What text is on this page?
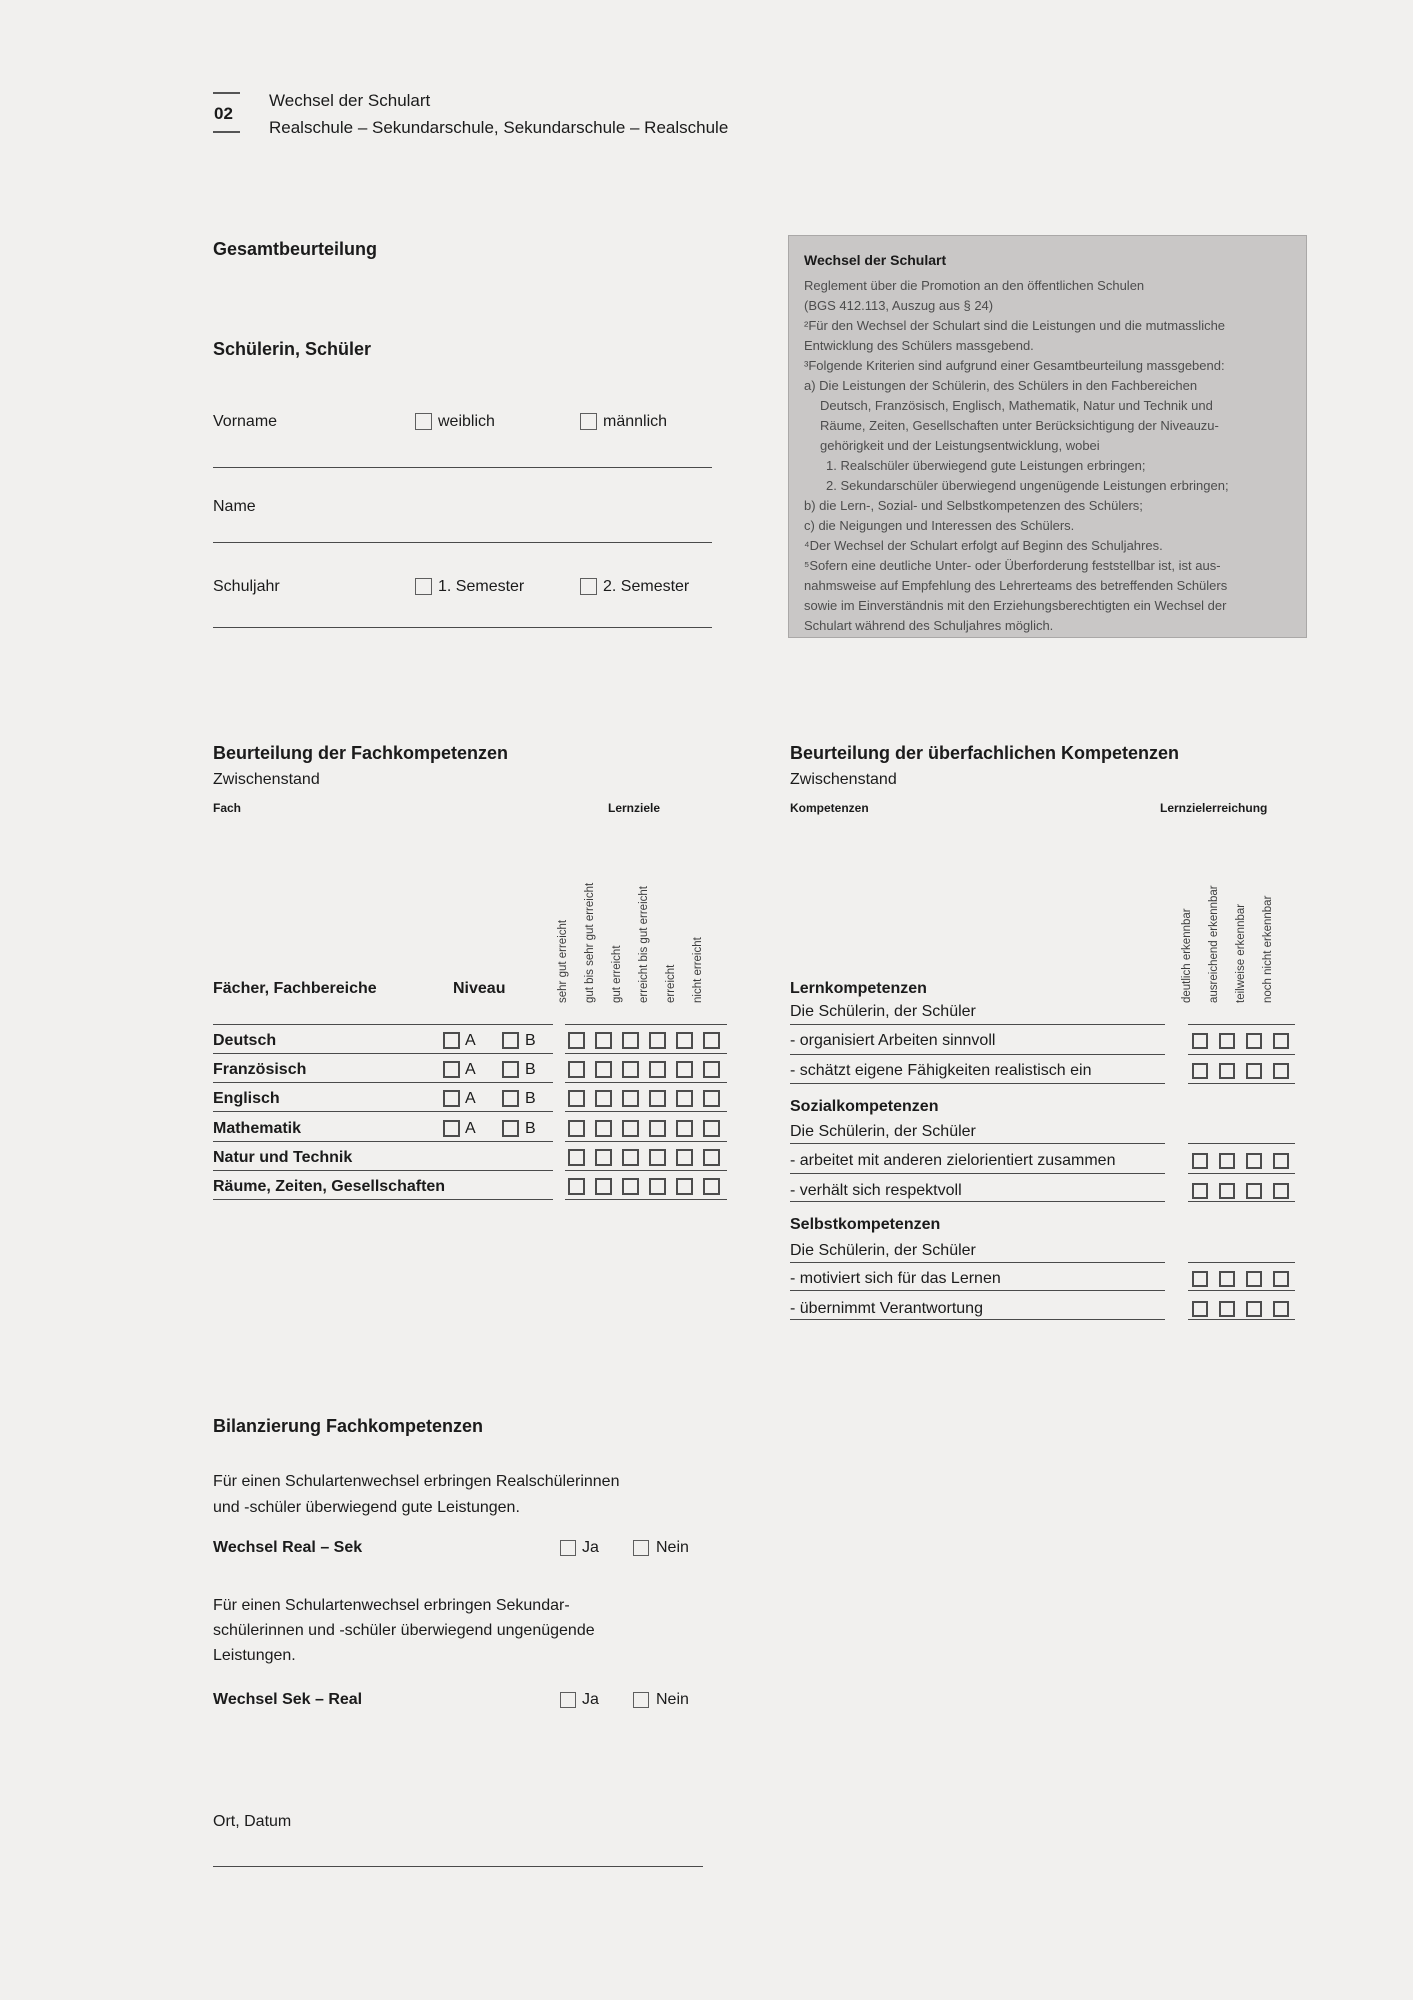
02
Wechsel der Schulart
Realschule – Sekundarschule, Sekundarschule – Realschule
Gesamtbeurteilung
Schülerin, Schüler
Vorname	weiblich	männlich
Name
Schuljahr	1. Semester	2. Semester
Wechsel der Schulart
Reglement über die Promotion an den öffentlichen Schulen
(BGS 412.113, Auszug aus § 24)
²Für den Wechsel der Schulart sind die Leistungen und die mutmassliche
Entwicklung des Schülers massgebend.
³Folgende Kriterien sind aufgrund einer Gesamtbeurteilung massgebend:
a) Die Leistungen der Schülerin, des Schülers in den Fachbereichen
Deutsch, Französisch, Englisch, Mathematik, Natur und Technik und
Räume, Zeiten, Gesellschaften unter Berücksichtigung der Niveauzu-
gehörigkeit und der Leistungsentwicklung, wobei
1. Realschüler überwiegend gute Leistungen erbringen;
2. Sekundarschüler überwiegend ungenügende Leistungen erbringen;
b) die Lern-, Sozial- und Selbstkompetenzen des Schülers;
c) die Neigungen und Interessen des Schülers.
⁴Der Wechsel der Schulart erfolgt auf Beginn des Schuljahres.
⁵Sofern eine deutliche Unter- oder Überforderung feststellbar ist, ist aus-
nahmsweise auf Empfehlung des Lehrerteams des betreffenden Schülers
sowie im Einverständnis mit den Erziehungsberechtigten ein Wechsel der
Schulart während des Schuljahres möglich.
Beurteilung der Fachkompetenzen
Zwischenstand
Fach	Lernziele
sehr gut erreicht gut bis sehr gut erreicht gut erreicht erreicht bis gut erreicht erreicht nicht erreicht
Fächer, Fachbereiche	Niveau
Deutsch	A	B
Französisch	A	B
Englisch	A	B
Mathematik	A	B
Natur und Technik
Räume, Zeiten, Gesellschaften
Beurteilung der überfachlichen Kompetenzen
Zwischenstand
Kompetenzen	Lernzielerreichung
deutlich erkennbar ausreichend erkennbar teilweise erkennbar noch nicht erkennbar
Lernkompetenzen
Die Schülerin, der Schüler
- organisiert Arbeiten sinnvoll
- schätzt eigene Fähigkeiten realistisch ein
Sozialkompetenzen
Die Schülerin, der Schüler
- arbeitet mit anderen zielorientiert zusammen
- verhält sich respektvoll
Selbstkompetenzen
Die Schülerin, der Schüler
- motiviert sich für das Lernen
- übernimmt Verantwortung
Bilanzierung Fachkompetenzen
Für einen Schulartenwechsel erbringen Realschülerinnen
und -schüler überwiegend gute Leistungen.
Wechsel Real – Sek	Ja	Nein
Für einen Schulartenwechsel erbringen Sekundar-
schülerinnen und -schüler überwiegend ungenügende
Leistungen.
Wechsel Sek – Real	Ja	Nein
Ort, Datum
